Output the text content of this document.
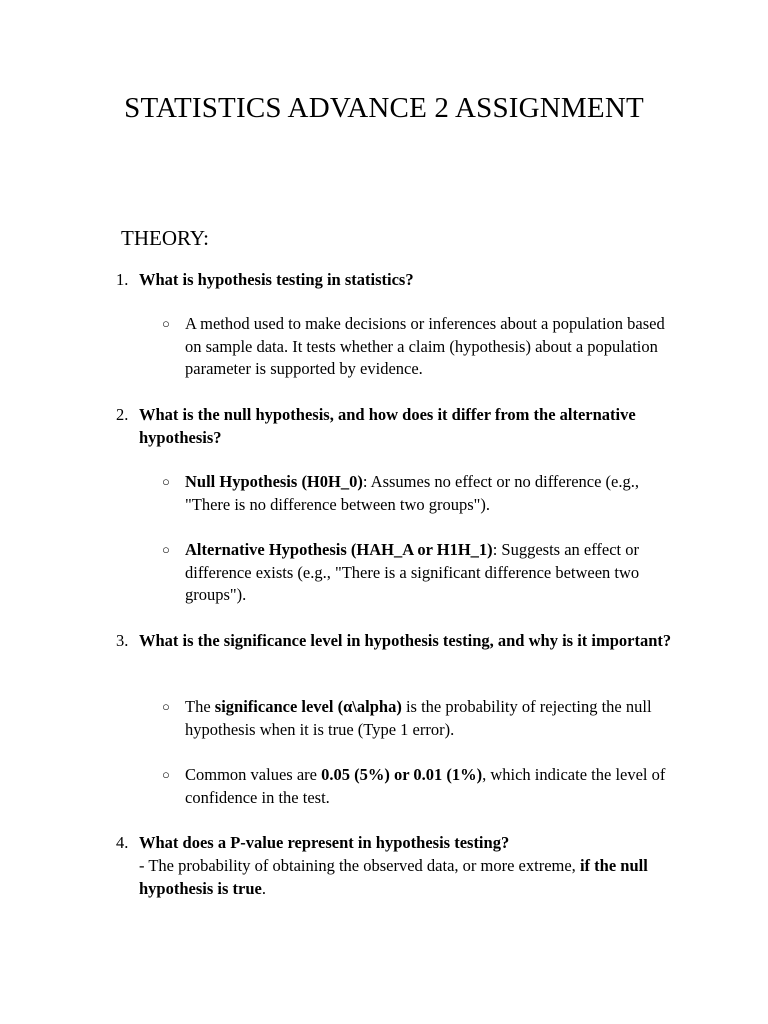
STATISTICS ADVANCE 2 ASSIGNMENT
THEORY:
1. What is hypothesis testing in statistics?
○ A method used to make decisions or inferences about a population based on sample data. It tests whether a claim (hypothesis) about a population parameter is supported by evidence.
2. What is the null hypothesis, and how does it differ from the alternative hypothesis?
○ Null Hypothesis (H0H_0): Assumes no effect or no difference (e.g., "There is no difference between two groups").
○ Alternative Hypothesis (HAH_A or H1H_1): Suggests an effect or difference exists (e.g., "There is a significant difference between two groups").
3. What is the significance level in hypothesis testing, and why is it important?
○ The significance level (α\alpha) is the probability of rejecting the null hypothesis when it is true (Type 1 error).
○ Common values are 0.05 (5%) or 0.01 (1%), which indicate the level of confidence in the test.
4. What does a P-value represent in hypothesis testing?
- The probability of obtaining the observed data, or more extreme, if the null hypothesis is true.
